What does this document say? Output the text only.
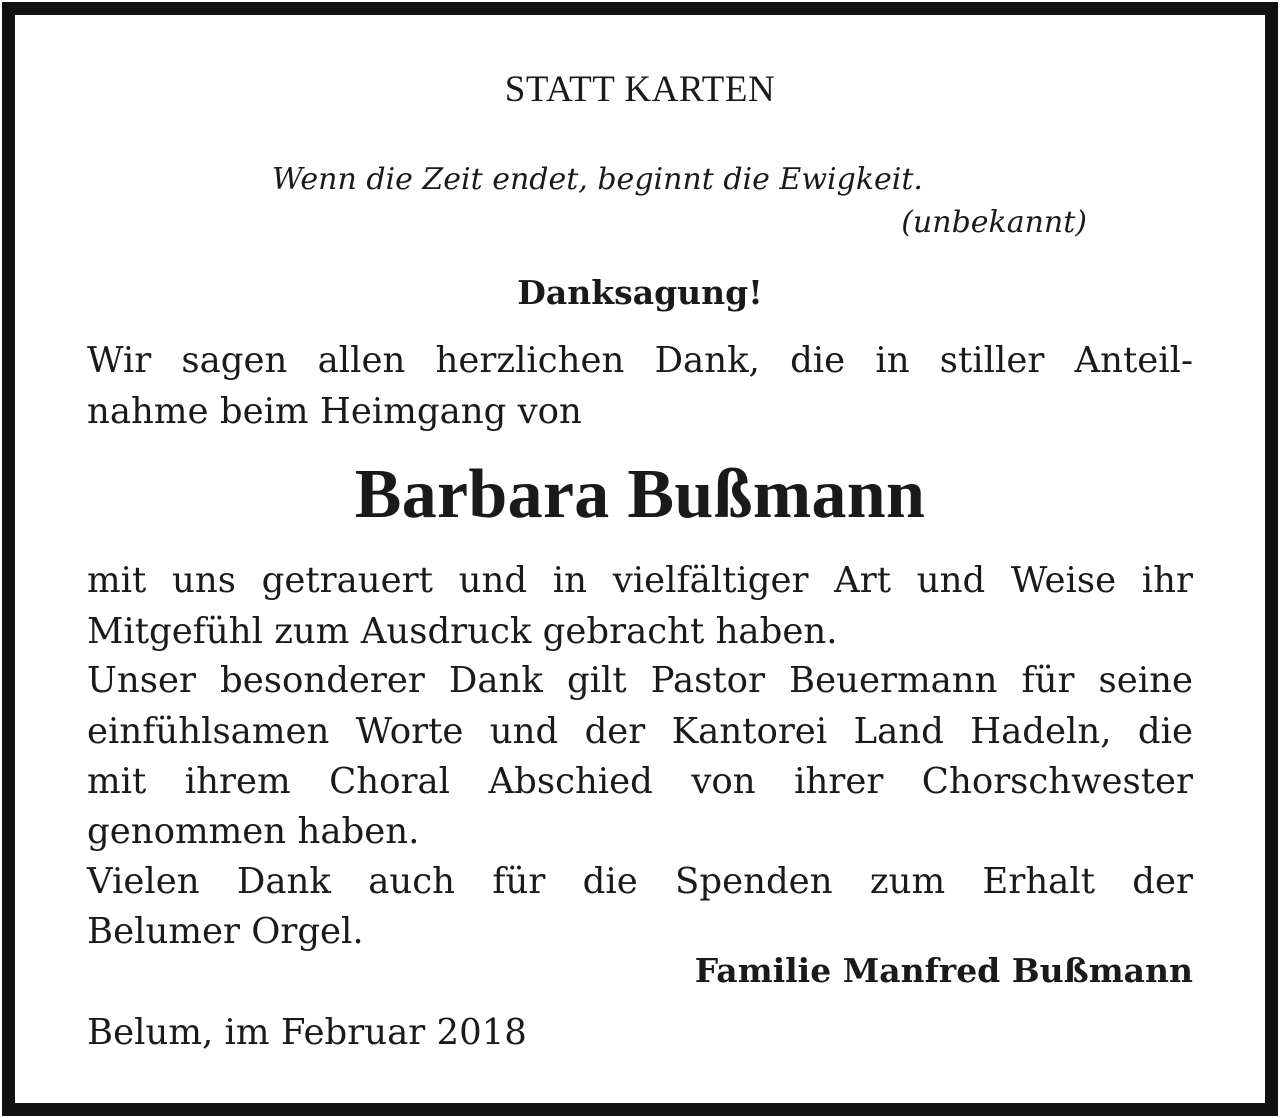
STATT KARTEN
Wenn die Zeit endet, beginnt die Ewigkeit.
(unbekannt)
Danksagung!
Wir sagen allen herzlichen Dank, die in stiller Anteil-
nahme beim Heimgang von
Barbara Bußmann
mit uns getrauert und in vielfältiger Art und Weise ihr
Mitgefühl zum Ausdruck gebracht haben.
Unser besonderer Dank gilt Pastor Beuermann für seine
einfühlsamen Worte und der Kantorei Land Hadeln, die
mit ihrem Choral Abschied von ihrer Chorschwester
genommen haben.
Vielen Dank auch für die Spenden zum Erhalt der
Belumer Orgel.
Familie Manfred Bußmann
Belum, im Februar 2018
